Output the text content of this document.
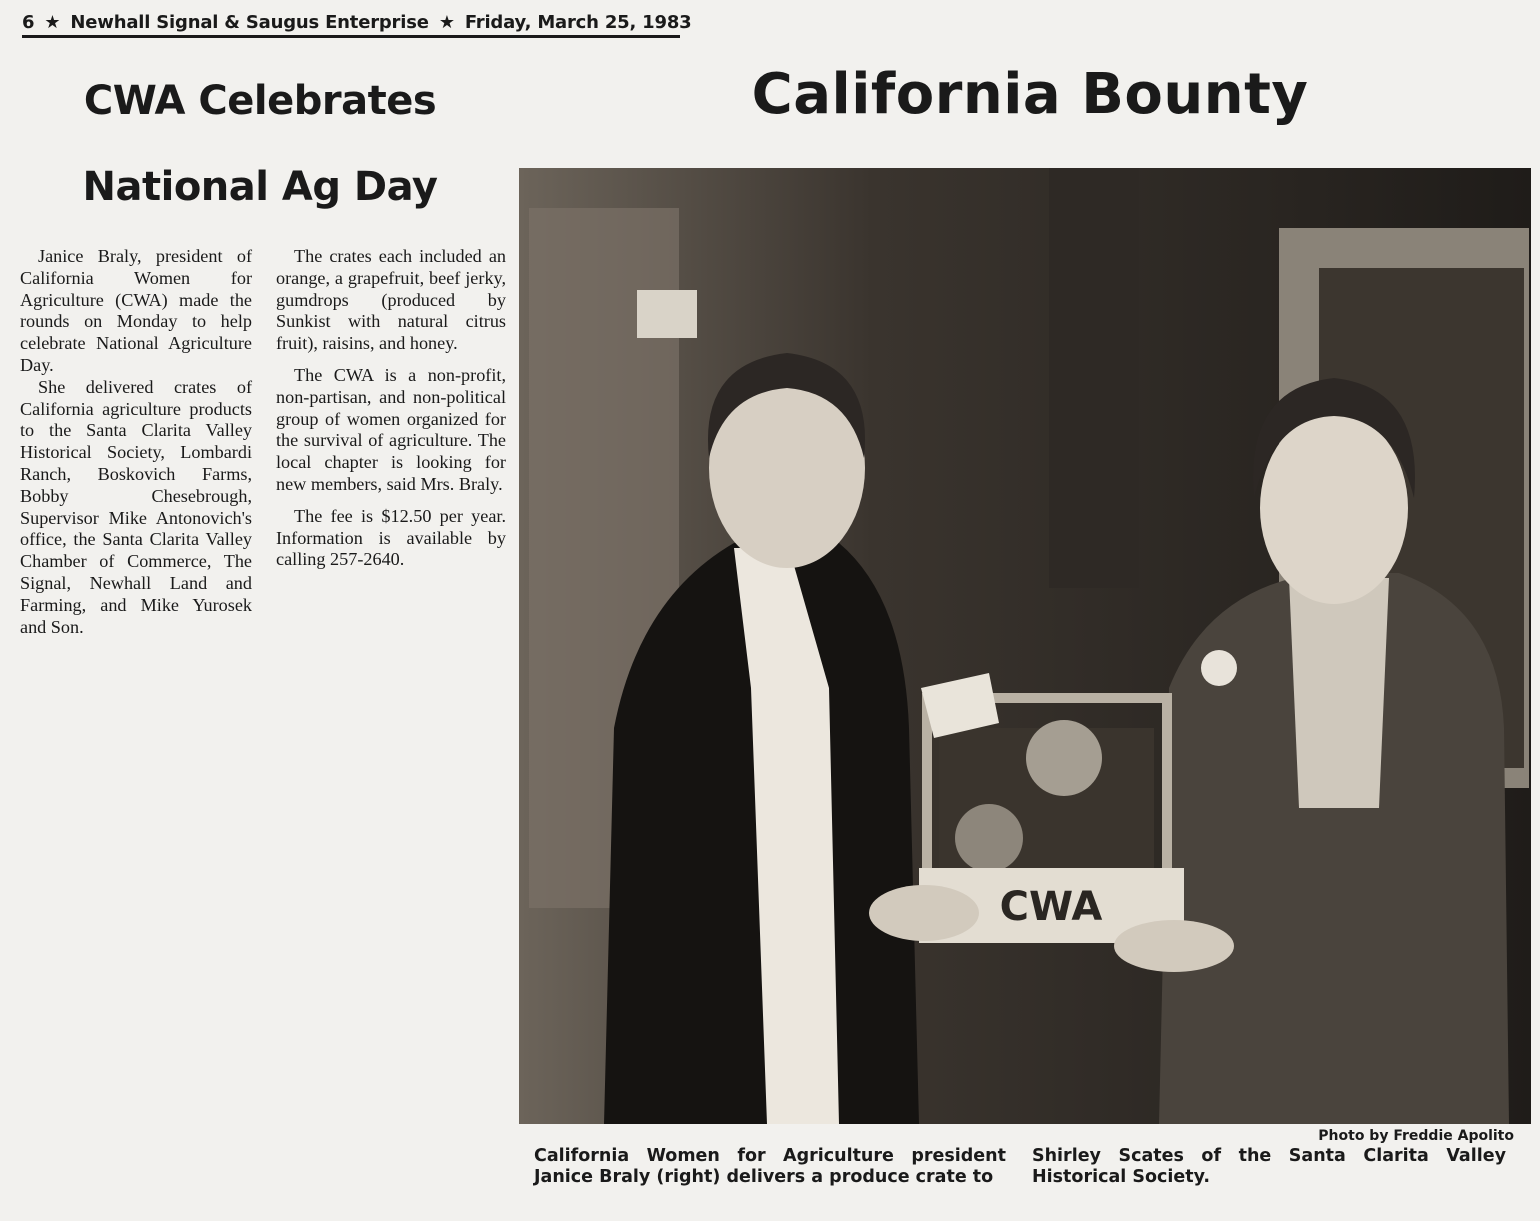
6 ★ Newhall Signal & Saugus Enterprise ★ Friday, March 25, 1983
CWA Celebrates
National Ag Day
California Bounty

Janice Braly, president of California Women for Agriculture (CWA) made the rounds on Monday to help celebrate National Agriculture Day.

She delivered crates of California agriculture products to the Santa Clarita Valley Historical Society, Lombardi Ranch, Boskovich Farms, Bobby Chesebrough, Supervisor Mike Antonovich's office, the Santa Clarita Valley Chamber of Commerce, The Signal, Newhall Land and Farming, and Mike Yurosek and Son.

The crates each included an orange, a grapefruit, beef jerky, gumdrops (produced by Sunkist with natural citrus fruit), raisins, and honey.

The CWA is a non-profit, non-partisan, and non-political group of women organized for the survival of agriculture. The local chapter is looking for new members, said Mrs. Braly.

The fee is $12.50 per year. Information is available by calling 257-2640.

CWA
Photo by Freddie Apolito
California Women for Agriculture president Janice Braly (right) delivers a produce crate to
Shirley Scates of the Santa Clarita Valley Historical Society.
